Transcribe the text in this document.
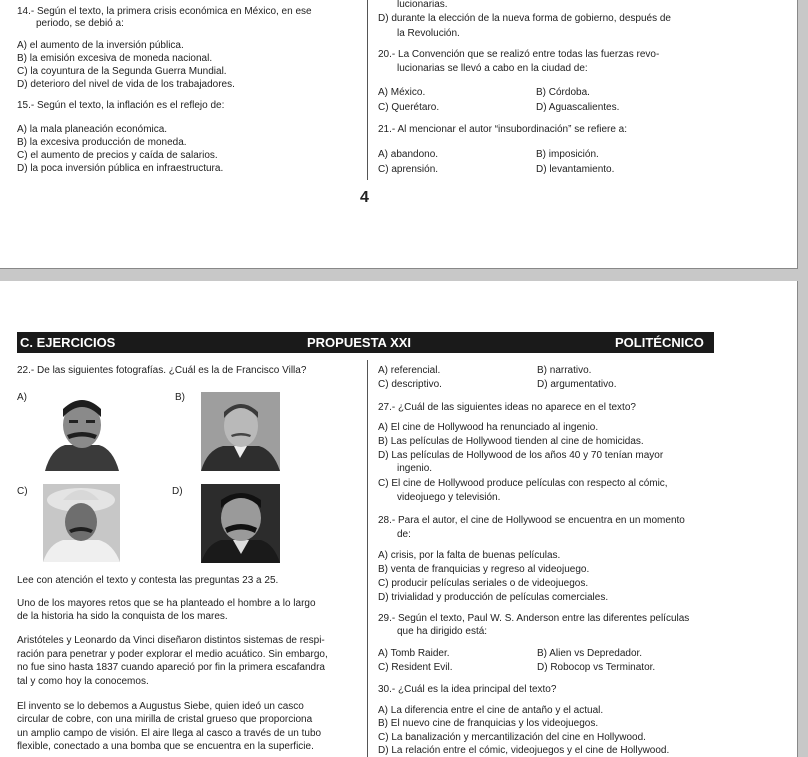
14.- Según el texto, la primera crisis económica en México, en ese
periodo, se debió a:
A) el aumento de la inversión pública.
B) la emisión excesiva de moneda nacional.
C) la coyuntura de la Segunda Guerra Mundial.
D) deterioro del nivel de vida de los trabajadores.
15.- Según el texto, la inflación es el reflejo de:
A) la mala planeación económica.
B) la excesiva producción de moneda.
C) el aumento de precios y caída de salarios.
D) la poca inversión pública en infraestructura.
lucionarias.
D) durante la elección de la nueva forma de gobierno, después de
la Revolución.
20.- La Convención que se realizó entre todas las fuerzas revo-
lucionarias se llevó a cabo en la ciudad de:
A) México.	B) Córdoba.
C) Querétaro.	D) Aguascalientes.
21.- Al mencionar el autor “insubordinación” se refiere a:
A) abandono.	B) imposición.
C) aprensión.	D) levantamiento.
4
C. EJERCICIOS	PROPUESTA XXI	POLITÉCNICO
22.- De las siguientes fotografías. ¿Cuál es la de Francisco Villa?
A)	B)
C)	D)
Lee con atención el texto y contesta las preguntas 23 a 25.
Uno de los mayores retos que se ha planteado el hombre a lo largo
de la historia ha sido la conquista de los mares.
Aristóteles y Leonardo da Vinci diseñaron distintos sistemas de respi-
ración para penetrar y poder explorar el medio acuático. Sin embargo,
no fue sino hasta 1837 cuando apareció por fin la primera escafandra
tal y como hoy la conocemos.
El invento se lo debemos a Augustus Siebe, quien ideó un casco
circular de cobre, con una mirilla de cristal grueso que proporciona
un amplio campo de visión. El aire llega al casco a través de un tubo
flexible, conectado a una bomba que se encuentra en la superficie.
A) referencial.	B) narrativo.
C) descriptivo.	D) argumentativo.
27.- ¿Cuál de las siguientes ideas no aparece en el texto?
A) El cine de Hollywood ha renunciado al ingenio.
B) Las películas de Hollywood tienden al cine de homicidas.
D) Las películas de Hollywood de los años 40 y 70 tenían mayor
ingenio.
C) El cine de Hollywood produce películas con respecto al cómic,
videojuego y televisión.
28.- Para el autor, el cine de Hollywood se encuentra en un momento
de:
A) crisis, por la falta de buenas películas.
B) venta de franquicias y regreso al videojuego.
C) producir películas seriales o de videojuegos.
D) trivialidad y producción de películas comerciales.
29.- Según el texto, Paul W. S. Anderson entre las diferentes películas
que ha dirigido está:
A) Tomb Raider.	B) Alien vs Depredador.
C) Resident Evil.	D) Robocop vs Terminator.
30.- ¿Cuál es la idea principal del texto?
A) La diferencia entre el cine de antaño y el actual.
B) El nuevo cine de franquicias y los videojuegos.
C) La banalización y mercantilización del cine en Hollywood.
D) La relación entre el cómic, videojuegos y el cine de Hollywood.
